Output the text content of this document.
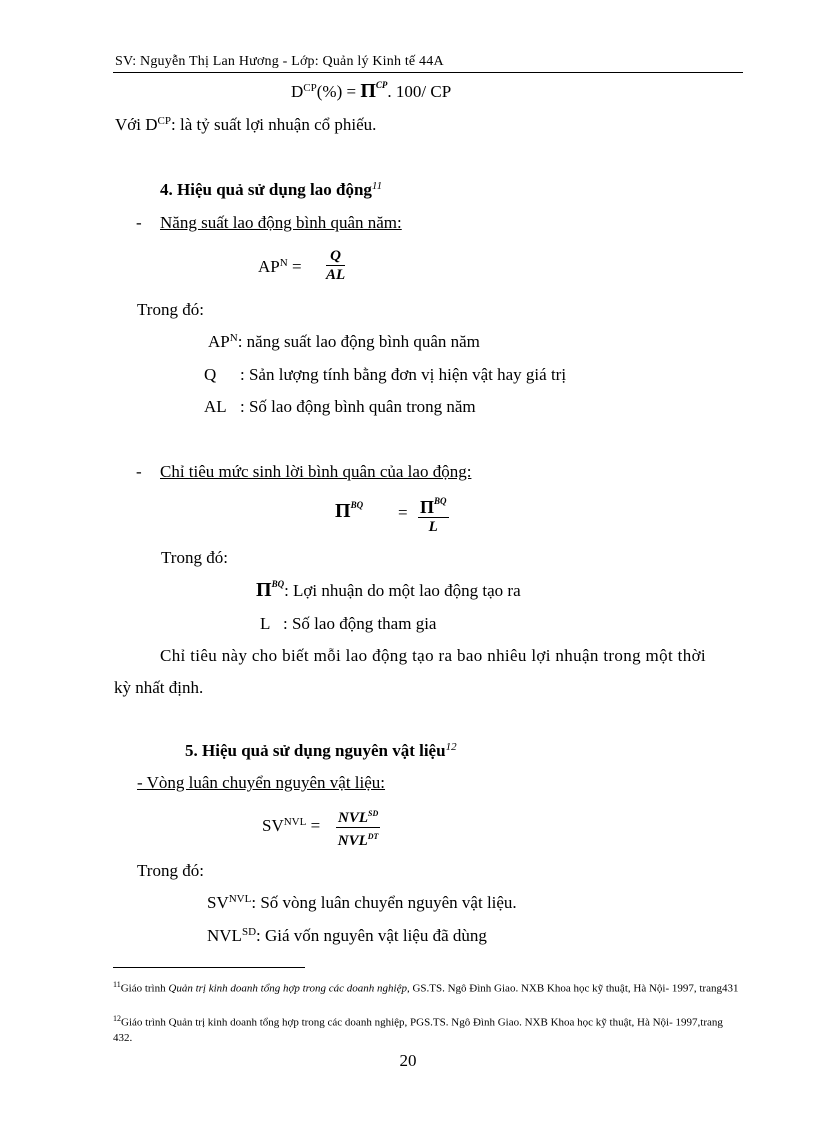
SV: Nguyễn Thị Lan Hương - Lớp: Quản lý Kinh tế 44A
$D^{CP}(\%) = \Pi^{CP}$. 100/ CP
Với $D^{CP}$: là tỷ suất lợi nhuận cổ phiếu.
4. Hiệu quả sử dụng lao động$^{11}$
- Năng suất lao động bình quân năm:
$AP^N = \frac{Q}{AL}$
Trong đó:
$AP^N$: năng suất lao động bình quân năm
Q : Sản lượng tính bằng đơn vị hiện vật hay giá trị
AL : Số lao động bình quân trong năm
- Chỉ tiêu mức sinh lời bình quân của lao động:
$\Pi^{BQ} = \Pi^{BQ}$
L
Trong đó:
$\Pi^{BQ}$: Lợi nhuận do một lao động tạo ra
L : Số lao động tham gia
Chỉ tiêu này cho biết mỗi lao động tạo ra bao nhiêu lợi nhuận trong một thời
kỳ nhất định.
5. Hiệu quả sử dụng nguyên vật liệu$^{12}$
- Vòng luân chuyển nguyên vật liệu:
$SV^{NVL} = NVL^{SD}$
$NVL^{DT}$
Trong đó:
$SV^{NVL}$: Số vòng luân chuyển nguyên vật liệu.
$NVL^{SD}$: Giá vốn nguyên vật liệu đã dùng
$^{11}$Giáo trình Quản trị kinh doanh tổng hợp trong các doanh nghiệp, GS.TS. Ngô Đình Giao. NXB Khoa học kỹ thuật, Hà Nội- 1997, trang431
$^{12}$Giáo trình Quản trị kinh doanh tổng hợp trong các doanh nghiệp, PGS.TS. Ngô Đình Giao. NXB Khoa học kỹ thuật, Hà Nội- 1997,trang 432.
20
